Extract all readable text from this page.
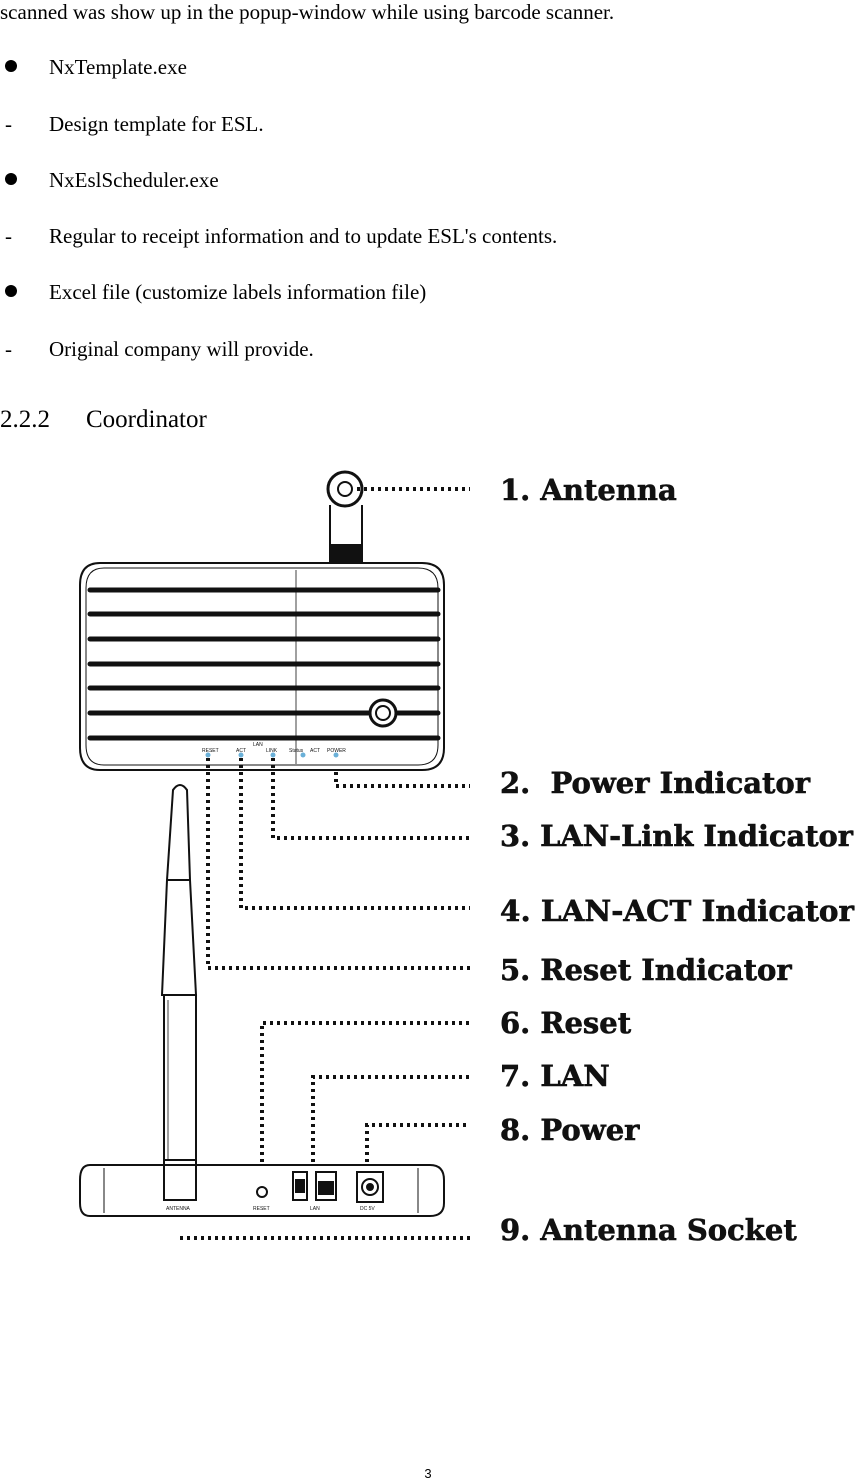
scanned was show up in the popup-window while using barcode scanner.
NxTemplate.exe
- Design template for ESL.
NxEslScheduler.exe
- Regular to receipt information and to update ESL's contents.
Excel file (customize labels information file)
- Original company will provide.
2.2.2 Coordinator
RESET	ACT
LAN
LINK Status ACT POWER
ANTENNA	RESET	LAN	DC 5V
1. Antenna
2.  Power Indicator
3. LAN-Link Indicator
4. LAN-ACT Indicator
5. Reset Indicator
6. Reset
7. LAN
8. Power
9. Antenna Socket
3
